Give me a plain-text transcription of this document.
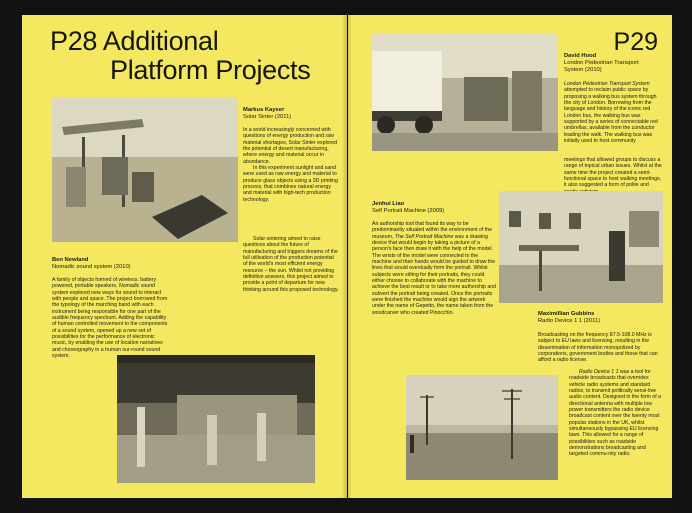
P28 Additional
Platform Projects
Markus Kayser
Solar Sinter (2011)

In a world increasingly concerned with questions of energy production and raw material shortages, Solar Sinter explored the potential of desert manufacturing, where energy and material occur in abundance.

In this experiment sunlight and sand were used as raw energy and material to produce glass objects using a 3D printing process, that combines natural energy and material with high-tech production technology.

Solar-sintering aimed to raise questions about the future of manufacturing and triggers dreams of the full utilisation of the production potential of the world's most efficient energy resource – the sun. Whilst not providing definitive answers, this project aimed to provide a point of departure for new thinking around this proposed technology.

Ben Newland
Nomadic sound system (2010)

A family of objects formed of wireless, battery powered, portable speakers. Nomadic sound system explored new ways for sound to interact with people and space. The project borrowed from the typology of the marching band with each instrument being responsible for one part of the audible frequency spectrum. Adding the capability of human controlled movement to the components of a sound system, opened up a new set of possibilities for the performance of electronic music, by enabling the use of location narratives and choreography in a human sur-round sound system.

P29
David Hood
London Pedestrian Transport System (2010)

London Pedestrian Transport System attempted to reclaim public space by proposing a walking bus system through the city of London. Borrowing from the language and history of the iconic red London bus, the walking bus was supported by a series of connectable red umbrellas, available from the conductor leading the walk. The walking bus was initially used to host community

meetings that allowed groups to discuss a range of topical urban issues. Whilst at the same time the project created a semi-functional space to host walking meetings, it also suggested a form of polite and
Jenhui Liao
Self Portrait Machine (2009)

An authorship tool that found its way to be predominantly situated within the environment of the museum, The Self Portrait Machine was a drawing device that would begin by taking a picture of a person's face then draw it with the help of the model. The wrists of the model were connected to the machine and their hands would be guided to draw the lines that would eventually form the portrait. Whilst subjects were sitting for their portraits, they could either choose to collaborate with the machine to achieve the best result or to take more authorship and subvert the portrait being created. Once the portraits were finished the machine would sign the artwork under the name of Gepetto, the name taken from the woodcarver who created Pinocchio.	Maximillian Gubbins
Radio Device 1 1 (2011)

Broadcasting on the frequency 87.5-108.0 MHz is subject to EU laws and licensing, resulting in the dissemination of information monopolized by corporations, government bodies and those that can afford a radio license.

Radio Device 1 1 was a tool for roadside broadcasts that overrides vehicle radio systems and standard radios, to transmit politically sensi-tive audio content. Designed in the form of a directional antenna with multiple low power transmitters the radio device broadcast content over the twenty most popular stations in the UK, whilst simultaneously bypassing EU licensing laws. This allowed for a range of possibilities such as roadside demonstrations broadcasting and targeted commu-nity radio.
